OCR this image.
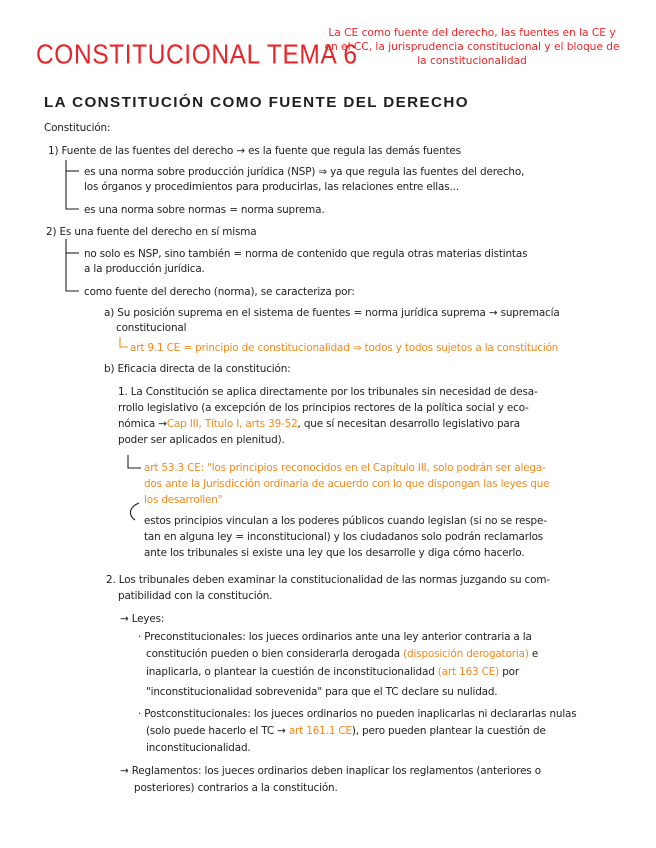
CONSTITUCIONAL TEMA 6
La CE como fuente del derecho, las fuentes en la CE y en el CC, la jurisprudencia constitucional y el bloque de la constitucionalidad
LA CONSTITUCIÓN COMO FUENTE DEL DERECHO
Constitución:
1) Fuente de las fuentes del derecho → es la fuente que regula las demás fuentes
es una norma sobre producción jurídica (NSP) ⇒ ya que regula las fuentes del derecho,
los órganos y procedimientos para producirlas, las relaciones entre ellas...
es una norma sobre normas = norma suprema.
2) Es una fuente del derecho en sí misma
no solo es NSP, sino también = norma de contenido que regula otras materias distintas
a la producción jurídica.
como fuente del derecho (norma), se caracteriza por:
a) Su posición suprema en el sistema de fuentes = norma jurídica suprema → supremacía
constitucional
art 9.1 CE = principio de constitucionalidad ⇒ todos y todos sujetos a la constitución
b) Eficacia directa de la constitución:
1. La Constitución se aplica directamente por los tribunales sin necesidad de desa-
rrollo legislativo (a excepción de los principios rectores de la política social y eco-
nómica →Cap III, Título I, arts 39-52, que sí necesitan desarrollo legislativo para
poder ser aplicados en plenitud).
art 53.3 CE: "los principios reconocidos en el Capítulo III, solo podrán ser alega-
dos ante la Jurisdicción ordinaria de acuerdo con lo que dispongan las leyes que
los desarrollen"
estos principios vinculan a los poderes públicos cuando legislan (si no se respe-
tan en alguna ley = inconstitucional) y los ciudadanos solo podrán reclamarlos
ante los tribunales si existe una ley que los desarrolle y diga cómo hacerlo.
2. Los tribunales deben examinar la constitucionalidad de las normas juzgando su com-
patibilidad con la constitución.
→ Leyes:
· Preconstitucionales: los jueces ordinarios ante una ley anterior contraria a la
constitución pueden o bien considerarla derogada (disposición derogatoria) e
inaplicarla, o plantear la cuestión de inconstitucionalidad (art 163 CE) por
"inconstitucionalidad sobrevenida" para que el TC declare su nulidad.
· Postconstitucionales: los jueces ordinarios no pueden inaplicarlas ni declararlas nulas
(solo puede hacerlo el TC → art 161.1 CE), pero pueden plantear la cuestión de
inconstitucionalidad.
→ Reglamentos: los jueces ordinarios deben inaplicar los reglamentos (anteriores o
posteriores) contrarios a la constitución.
